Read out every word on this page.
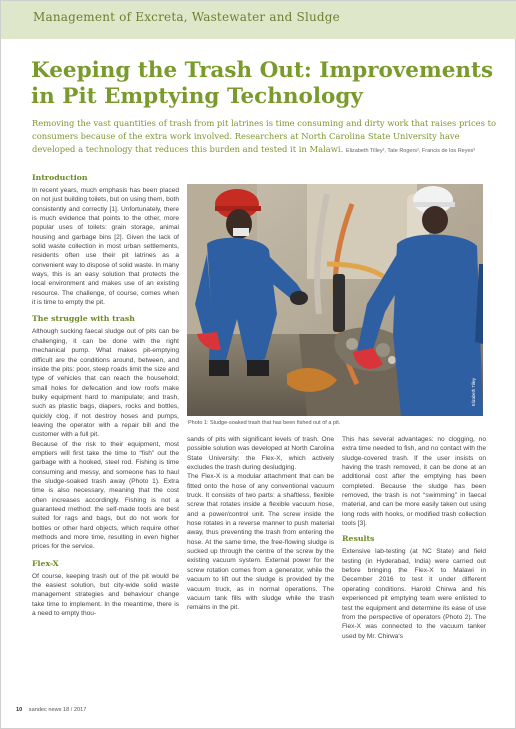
Management of Excreta, Wastewater and Sludge
Keeping the Trash Out: Improvements in Pit Emptying Technology
Removing the vast quantities of trash from pit latrines is time consuming and dirty work that raises prices to consumers because of the extra work involved. Researchers at North Carolina State University have developed a technology that reduces this burden and tested it in Malawi. Elizabeth Tilley¹, Tate Rogers², Francis de los Reyes³
Introduction

In recent years, much emphasis has been placed on not just building toilets, but on using them, both consistently and correctly [1]. Unfortunately, there is much evidence that points to the other, more popular uses of toilets: grain storage, animal housing and garbage bins [2]. Given the lack of solid waste collection in most urban settlements, residents often use their pit latrines as a convenient way to dispose of solid waste. In many ways, this is an easy solution that protects the local environment and makes use of an existing resource. The challenge, of course, comes when it is time to empty the pit.

The struggle with trash

Although sucking faecal sludge out of pits can be challenging, it can be done with the right mechanical pump. What makes pit-emptying difficult are the conditions around, between, and inside the pits: poor, steep roads limit the size and type of vehicles that can reach the household; small holes for defecation and low roofs make bulky equipment hard to manipulate; and trash, such as plastic bags, diapers, rocks and bottles, quickly clog, if not destroy hoses and pumps, leaving the operator with a repair bill and the customer with a full pit.

Because of the risk to their equipment, most emptiers will first take the time to “fish” out the garbage with a hooked, steel rod. Fishing is time consuming and messy, and someone has to haul the sludge-soaked trash away (Photo 1). Extra time is also necessary, meaning that the cost often increases accordingly. Fishing is not a guaranteed method: the self-made tools are best suited for rags and bags, but do not work for bottles or other hard objects, which require other methods and more time, resulting in even higher prices for the service.

Flex-X

Of course, keeping trash out of the pit would be the easiest solution, but city-wide solid waste management strategies and behaviour change take time to implement. In the meantime, there is a need to empty thou-

Elizabeth Tilley
Photo 1: Sludge-soaked trash that has been fished out of a pit.

sands of pits with significant levels of trash. One possible solution was developed at North Carolina State University: the Flex-X, which actively excludes the trash during desludging.

The Flex-X is a modular attachment that can be fitted onto the hose of any conventional vacuum truck. It consists of two parts: a shaftless, flexible screw that rotates inside a flexible vacuum hose, and a power/control unit. The screw inside the hose rotates in a reverse manner to push material away, thus preventing the trash from entering the hose. At the same time, the free-flowing sludge is sucked up through the centre of the screw by the existing vacuum system. External power for the screw rotation comes from a generator, while the vacuum to lift out the sludge is provided by the vacuum truck, as in normal operations. The vacuum tank fills with sludge while the trash remains in the pit.

This has several advantages: no clogging, no extra time needed to fish, and no contact with the sludge-covered trash. If the user insists on having the trash removed, it can be done at an additional cost after the emptying has been completed. Because the sludge has been removed, the trash is not “swimming” in faecal material, and can be more easily taken out using long rods with hooks, or modified trash collection tools [3].

Results

Extensive lab-testing (at NC State) and field testing (in Hyderabad, India) were carried out before bringing the Flex-X to Malawi in December 2016 to test it under different operating conditions. Harold Chirwa and his experienced pit emptying team were enlisted to test the equipment and determine its ease of use from the perspective of operators (Photo 2). The Flex-X was connected to the vacuum tanker used by Mr. Chirwa's

10 sandec news 18 / 2017
